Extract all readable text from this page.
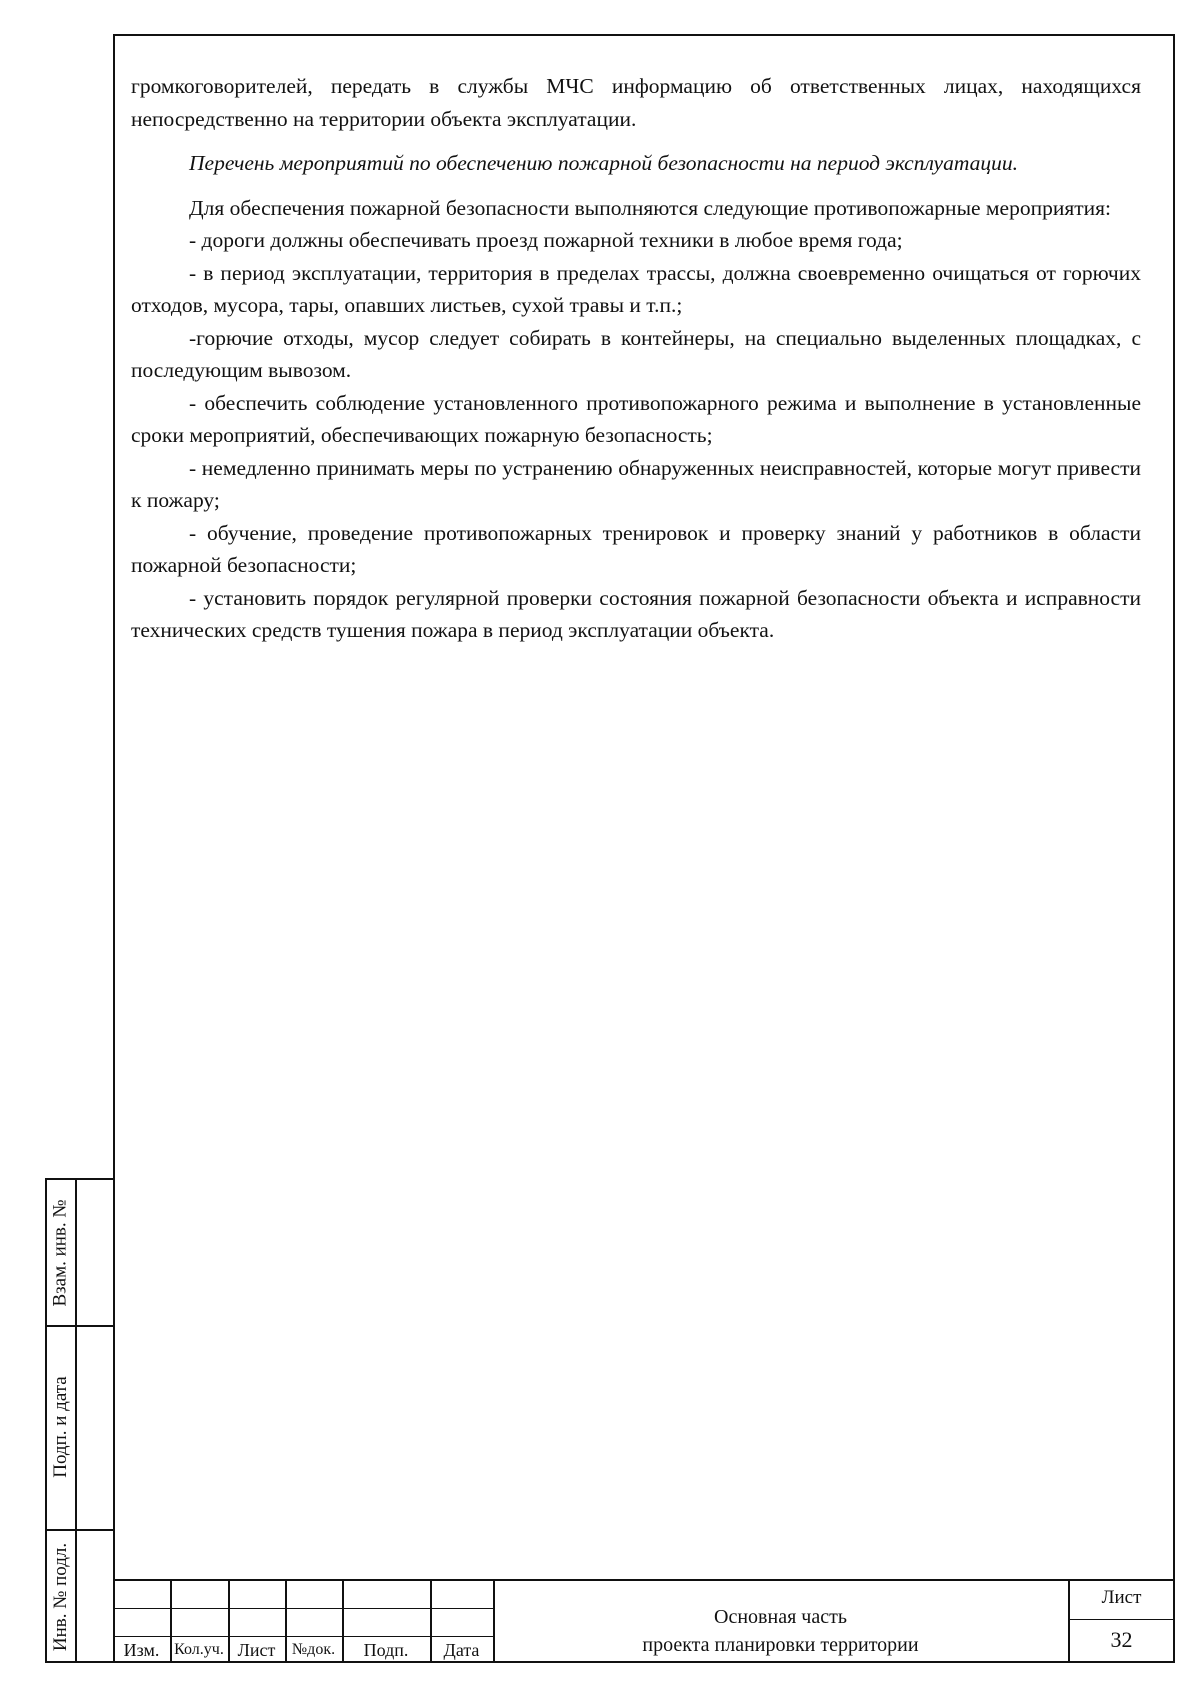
громкоговорителей, передать в службы МЧС информацию об ответственных лицах, находящихся непосредственно на территории объекта эксплуатации.

Перечень мероприятий по обеспечению пожарной безопасности на период эксплуатации.

Для обеспечения пожарной безопасности выполняются следующие противопожарные мероприятия:

- дороги должны обеспечивать проезд пожарной техники в любое время года;

- в период эксплуатации, территория в пределах трассы, должна своевременно очищаться от горючих отходов, мусора, тары, опавших листьев, сухой травы и т.п.;

-горючие отходы, мусор следует собирать в контейнеры, на специально выделенных площадках, с последующим вывозом.

- обеспечить соблюдение установленного противопожарного режима и выполнение в установленные сроки мероприятий, обеспечивающих пожарную безопасность;

- немедленно принимать меры по устранению обнаруженных неисправностей, которые могут привести к пожару;

- обучение, проведение противопожарных тренировок и проверку знаний у работников в области пожарной безопасности;

- установить порядок регулярной проверки состояния пожарной безопасности объекта и исправности технических средств тушения пожара в период эксплуатации объекта.

Взам. инв. №
Подп. и дата
Инв. № подл.	Изм. Кол.уч. Лист	№док.	Подп.	Дата
Основная часть
проекта планировки территории
Лист
32
